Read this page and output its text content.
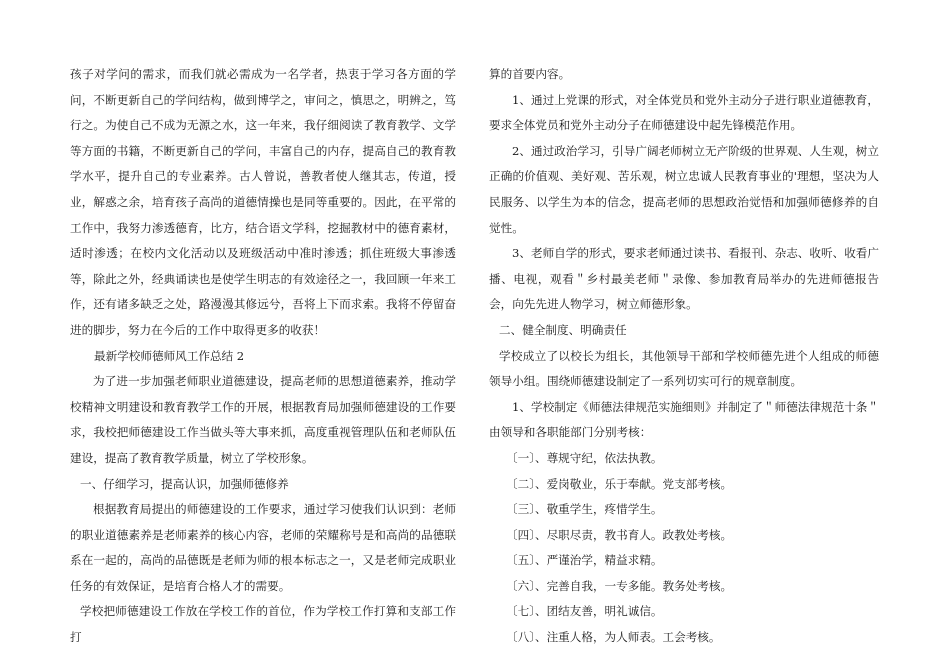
孩子对学问的需求，而我们就必需成为一名学者，热衷于学习各方面的学问，不断更新自己的学问结构，做到博学之，审问之，慎思之，明辨之，笃行之。为使自己不成为无源之水，这一年来，我仔细阅读了教育教学、文学等方面的书籍，不断更新自己的学问，丰富自己的内存，提高自己的教育教学水平，提升自己的专业素养。古人曾说，善教者使人继其志，传道，授业，解惑之余，培育孩子高尚的道德情操也是同等重要的。因此，在平常的工作中，我努力渗透德育，比方，结合语文学科，挖掘教材中的德育素材，适时渗透；在校内文化活动以及班级活动中准时渗透；抓住班级大事渗透等，除此之外，经典诵读也是使学生明志的有效途径之一，我回顾一年来工作，还有诸多缺乏之处，路漫漫其修远兮，吾将上下而求索。我将不停留奋进的脚步，努力在今后的工作中取得更多的收获！

最新学校师德师风工作总结 2

为了进一步加强老师职业道德建设，提高老师的思想道德素养，推动学校精神文明建设和教育教学工作的开展，根据教育局加强师德建设的工作要求，我校把师德建设工作当做头等大事来抓，高度重视管理队伍和老师队伍建设，提高了教育教学质量，树立了学校形象。

一、仔细学习，提高认识，加强师德修养

根据教育局提出的师德建设的工作要求，通过学习使我们认识到：老师的职业道德素养是老师素养的核心内容，老师的荣耀称号是和高尚的品德联系在一起的，高尚的品德既是老师为师的根本标志之一，又是老师完成职业任务的有效保证，是培育合格人才的需要。

学校把师德建设工作放在学校工作的首位，作为学校工作打算和支部工作打

算的首要内容。

1、通过上党课的形式，对全体党员和党外主动分子进行职业道德教育，要求全体党员和党外主动分子在师德建设中起先锋模范作用。

2、通过政治学习，引导广阔老师树立无产阶级的世界观、人生观，树立正确的价值观、美好观、苦乐观，树立忠诚人民教育事业的'理想，坚决为人民服务、以学生为本的信念，提高老师的思想政治觉悟和加强师德修养的自觉性。

3、老师自学的形式，要求老师通过读书、看报刊、杂志、收听、收看广播、电视，观看＂乡村最美老师＂录像、参加教育局举办的先进师德报告会，向先先进人物学习，树立师德形象。

二、健全制度、明确责任

学校成立了以校长为组长，其他领导干部和学校师德先进个人组成的师德领导小组。围绕师德建设制定了一系列切实可行的规章制度。

1、学校制定《师德法律规范实施细则》并制定了＂师德法律规范十条＂由领导和各职能部门分别考核：

〔一〕、尊规守纪，依法执教。

〔二〕、爱岗敬业，乐于奉献。党支部考核。

〔三〕、敬重学生，疼惜学生。

〔四〕、尽职尽责，教书育人。政教处考核。

〔五〕、严谨治学，精益求精。

〔六〕、完善自我，一专多能。教务处考核。

〔七〕、团结友善，明礼诚信。

〔八〕、注重人格，为人师表。工会考核。
